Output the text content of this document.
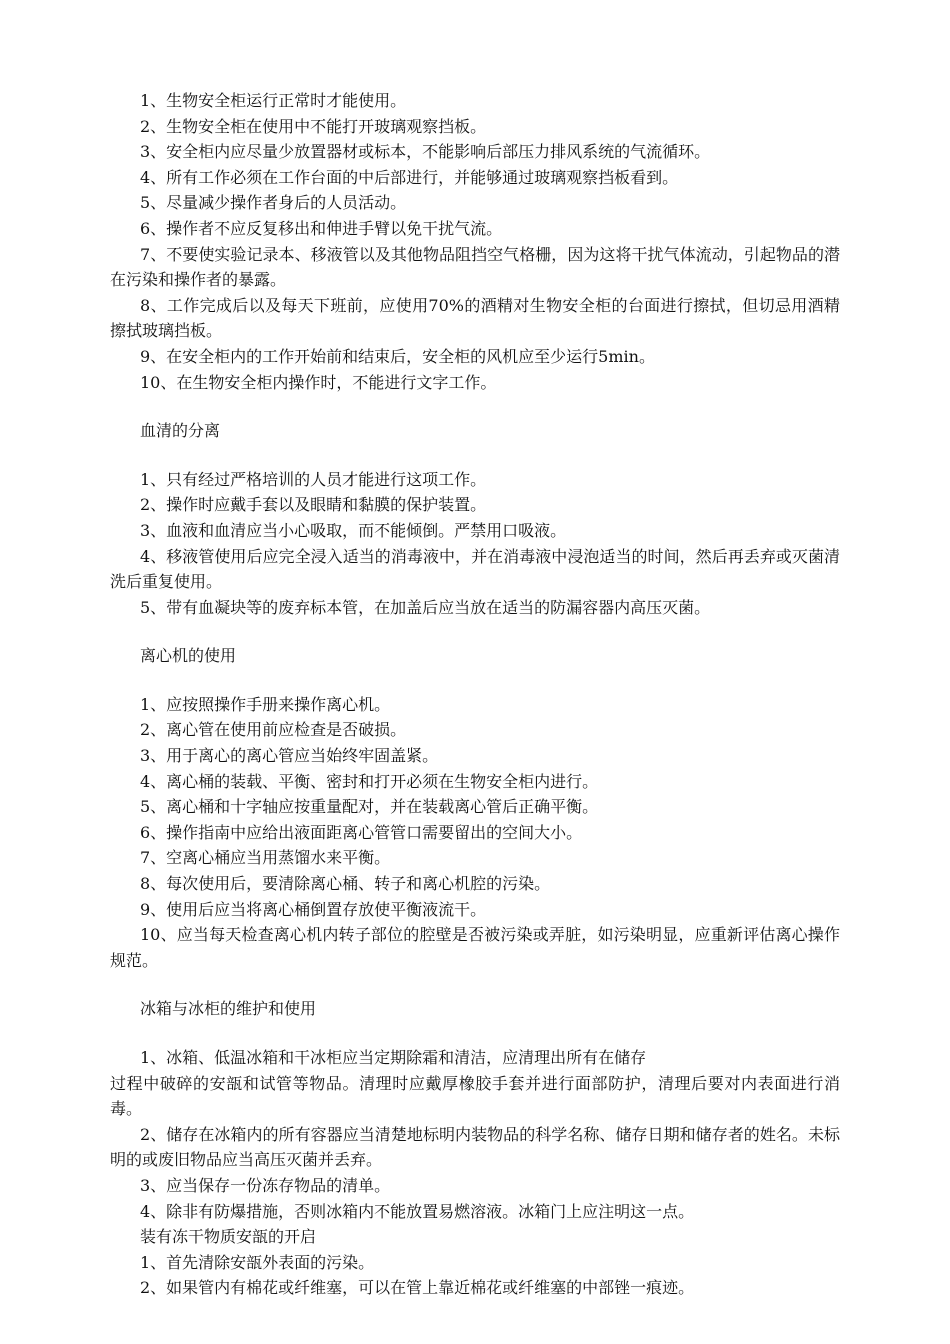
1、生物安全柜运行正常时才能使用。

2、生物安全柜在使用中不能打开玻璃观察挡板。

3、安全柜内应尽量少放置器材或标本，不能影响后部压力排风系统的气流循环。

4、所有工作必须在工作台面的中后部进行，并能够通过玻璃观察挡板看到。

5、尽量减少操作者身后的人员活动。

6、操作者不应反复移出和伸进手臂以免干扰气流。

7、不要使实验记录本、移液管以及其他物品阻挡空气格栅，因为这将干扰气体流动，引起物品的潜在污染和操作者的暴露。

8、工作完成后以及每天下班前，应使用70%的酒精对生物安全柜的台面进行擦拭，但切忌用酒精擦拭玻璃挡板。

9、在安全柜内的工作开始前和结束后，安全柜的风机应至少运行5min。

10、在生物安全柜内操作时，不能进行文字工作。

血清的分离

1、只有经过严格培训的人员才能进行这项工作。

2、操作时应戴手套以及眼睛和黏膜的保护装置。

3、血液和血清应当小心吸取，而不能倾倒。严禁用口吸液。

4、移液管使用后应完全浸入适当的消毒液中，并在消毒液中浸泡适当的时间，然后再丢弃或灭菌清洗后重复使用。

5、带有血凝块等的废弃标本管，在加盖后应当放在适当的防漏容器内高压灭菌。

离心机的使用

1、应按照操作手册来操作离心机。

2、离心管在使用前应检查是否破损。

3、用于离心的离心管应当始终牢固盖紧。

4、离心桶的装载、平衡、密封和打开必须在生物安全柜内进行。

5、离心桶和十字轴应按重量配对，并在装载离心管后正确平衡。

6、操作指南中应给出液面距离心管管口需要留出的空间大小。

7、空离心桶应当用蒸馏水来平衡。

8、每次使用后，要清除离心桶、转子和离心机腔的污染。

9、使用后应当将离心桶倒置存放使平衡液流干。

10、应当每天检查离心机内转子部位的腔壁是否被污染或弄脏，如污染明显，应重新评估离心操作规范。

冰箱与冰柜的维护和使用

1、冰箱、低温冰箱和干冰柜应当定期除霜和清洁，应清理出所有在储存

过程中破碎的安瓿和试管等物品。清理时应戴厚橡胶手套并进行面部防护，清理后要对内表面进行消毒。

2、储存在冰箱内的所有容器应当清楚地标明内装物品的科学名称、储存日期和储存者的姓名。未标明的或废旧物品应当高压灭菌并丢弃。

3、应当保存一份冻存物品的清单。

4、除非有防爆措施，否则冰箱内不能放置易燃溶液。冰箱门上应注明这一点。

装有冻干物质安瓿的开启

1、首先清除安瓿外表面的污染。

2、如果管内有棉花或纤维塞，可以在管上靠近棉花或纤维塞的中部锉一痕迹。
